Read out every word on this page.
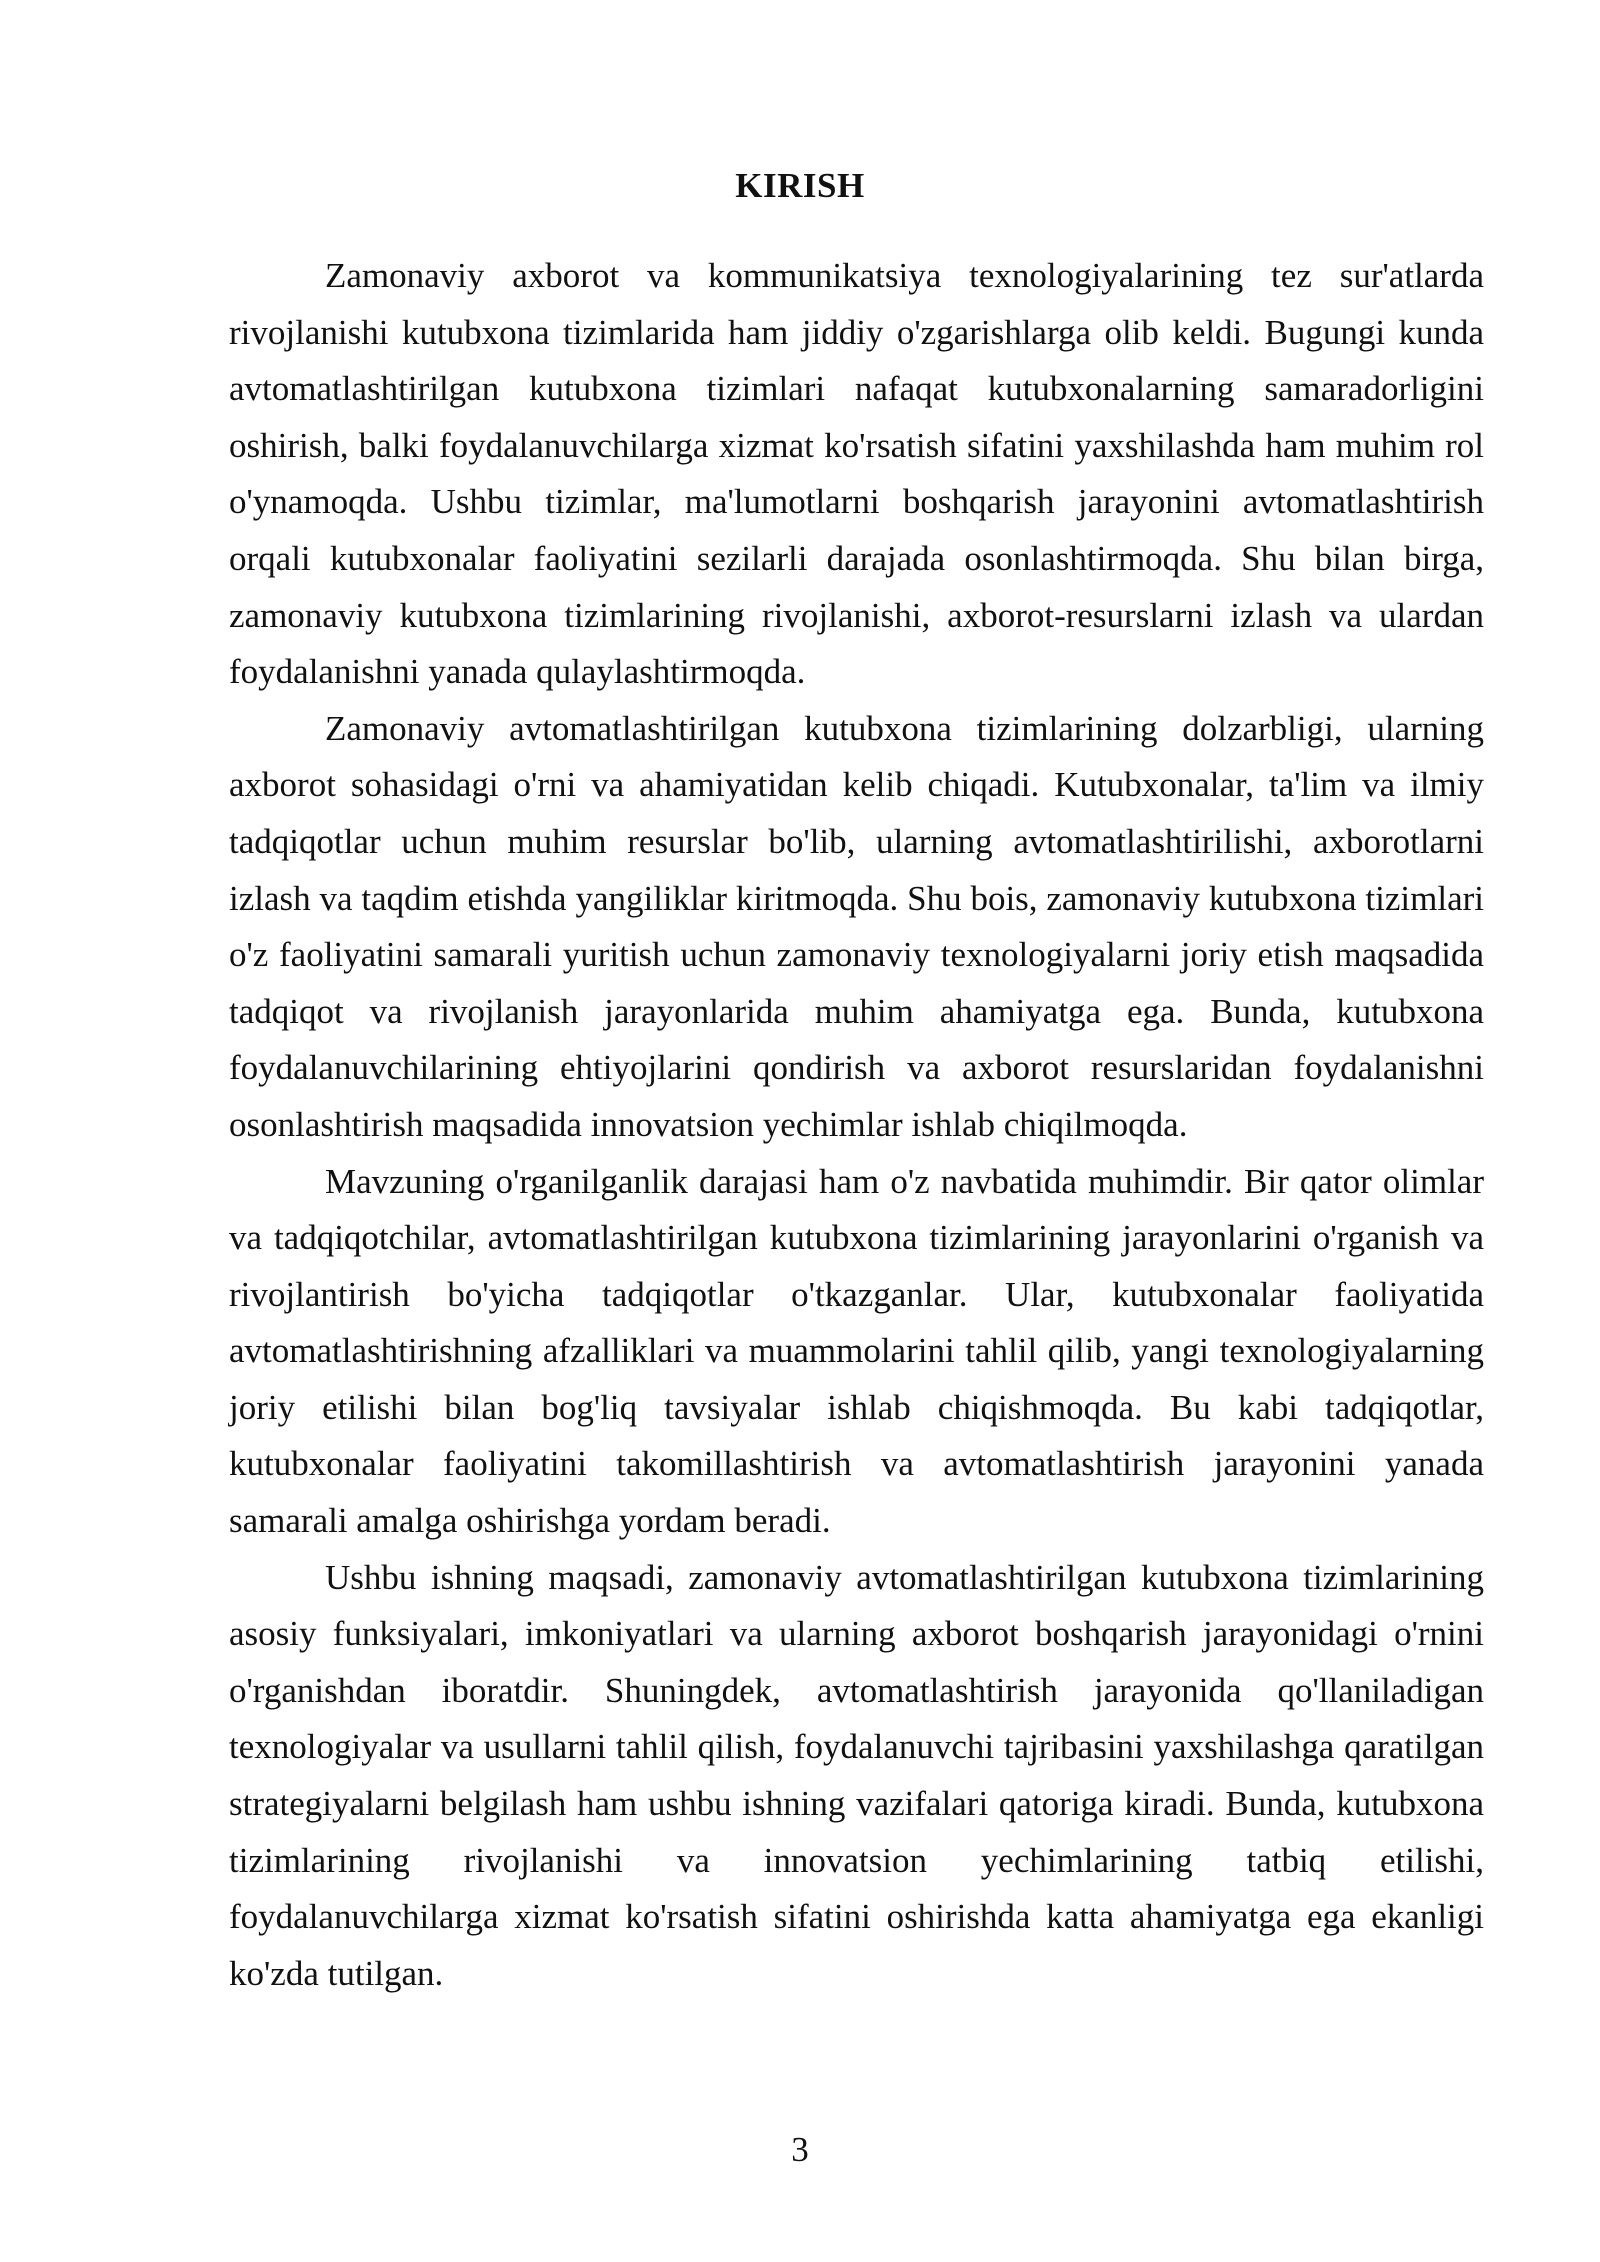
KIRISH

Zamonaviy axborot va kommunikatsiya texnologiyalarining tez sur'atlarda rivojlanishi kutubxona tizimlarida ham jiddiy o'zgarishlarga olib keldi. Bugungi kunda avtomatlashtirilgan kutubxona tizimlari nafaqat kutubxonalarning samaradorligini oshirish, balki foydalanuvchilarga xizmat ko'rsatish sifatini yaxshilashda ham muhim rol o'ynamoqda. Ushbu tizimlar, ma'lumotlarni boshqarish jarayonini avtomatlashtirish orqali kutubxonalar faoliyatini sezilarli darajada osonlashtirmoqda. Shu bilan birga, zamonaviy kutubxona tizimlarining rivojlanishi, axborot-resurslarni izlash va ulardan foydalanishni yanada qulaylashtirmoqda.

Zamonaviy avtomatlashtirilgan kutubxona tizimlarining dolzarbligi, ularning axborot sohasidagi o'rni va ahamiyatidan kelib chiqadi. Kutubxonalar, ta'lim va ilmiy tadqiqotlar uchun muhim resurslar bo'lib, ularning avtomatlashtirilishi, axborotlarni izlash va taqdim etishda yangiliklar kiritmoqda. Shu bois, zamonaviy kutubxona tizimlari o'z faoliyatini samarali yuritish uchun zamonaviy texnologiyalarni joriy etish maqsadida tadqiqot va rivojlanish jarayonlarida muhim ahamiyatga ega. Bunda, kutubxona foydalanuvchilarining ehtiyojlarini qondirish va axborot resurslaridan foydalanishni osonlashtirish maqsadida innovatsion yechimlar ishlab chiqilmoqda.

Mavzuning o'rganilganlik darajasi ham o'z navbatida muhimdir. Bir qator olimlar va tadqiqotchilar, avtomatlashtirilgan kutubxona tizimlarining jarayonlarini o'rganish va rivojlantirish bo'yicha tadqiqotlar o'tkazganlar. Ular, kutubxonalar faoliyatida avtomatlashtirishning afzalliklari va muammolarini tahlil qilib, yangi texnologiyalarning joriy etilishi bilan bog'liq tavsiyalar ishlab chiqishmoqda. Bu kabi tadqiqotlar, kutubxonalar faoliyatini takomillashtirish va avtomatlashtirish jarayonini yanada samarali amalga oshirishga yordam beradi.

Ushbu ishning maqsadi, zamonaviy avtomatlashtirilgan kutubxona tizimlarining asosiy funksiyalari, imkoniyatlari va ularning axborot boshqarish jarayonidagi o'rnini o'rganishdan iboratdir. Shuningdek, avtomatlashtirish jarayonida qo'llaniladigan texnologiyalar va usullarni tahlil qilish, foydalanuvchi tajribasini yaxshilashga qaratilgan strategiyalarni belgilash ham ushbu ishning vazifalari qatoriga kiradi. Bunda, kutubxona tizimlarining rivojlanishi va innovatsion yechimlarining tatbiq etilishi, foydalanuvchilarga xizmat ko'rsatish sifatini oshirishda katta ahamiyatga ega ekanligi ko'zda tutilgan.

3
